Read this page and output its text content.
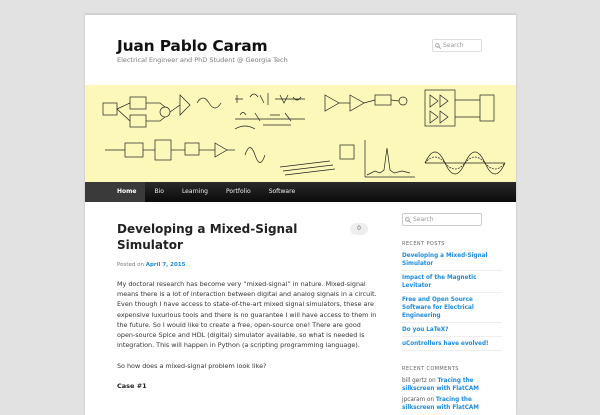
Juan Pablo Caram
Electrical Engineer and PhD Student @ Georgia Tech
Search
Home	Bio	Learning	Portfolio	Software
Developing a Mixed-Signal Simulator
Posted on April 7, 2015
My doctoral research has become very “mixed-signal” in nature. Mixed-signal means there is a lot of interaction between digital and analog signals in a circuit. Even though I have access to state-of-the-art mixed signal simulators, these are expensive luxurious tools and there is no guarantee I will have access to them in the future. So I would like to create a free, open-source one! There are good open-source Spice and HDL (digital) simulator available, so what is needed is integration. This will happen in Python (a scripting programming language).
So how does a mixed-signal problem look like?
Case #1
0
Search
RECENT POSTS
Developing a Mixed-Signal Simulator
Impact of the Magnetic Levitator
Free and Open Source Software for Electrical Engineering
Do you LaTeX?
uControllers have evolved!
RECENT COMMENTS
bill gertz on Tracing the silkscreen with FlatCAM
jpcaram on Tracing the silkscreen with FlatCAM
